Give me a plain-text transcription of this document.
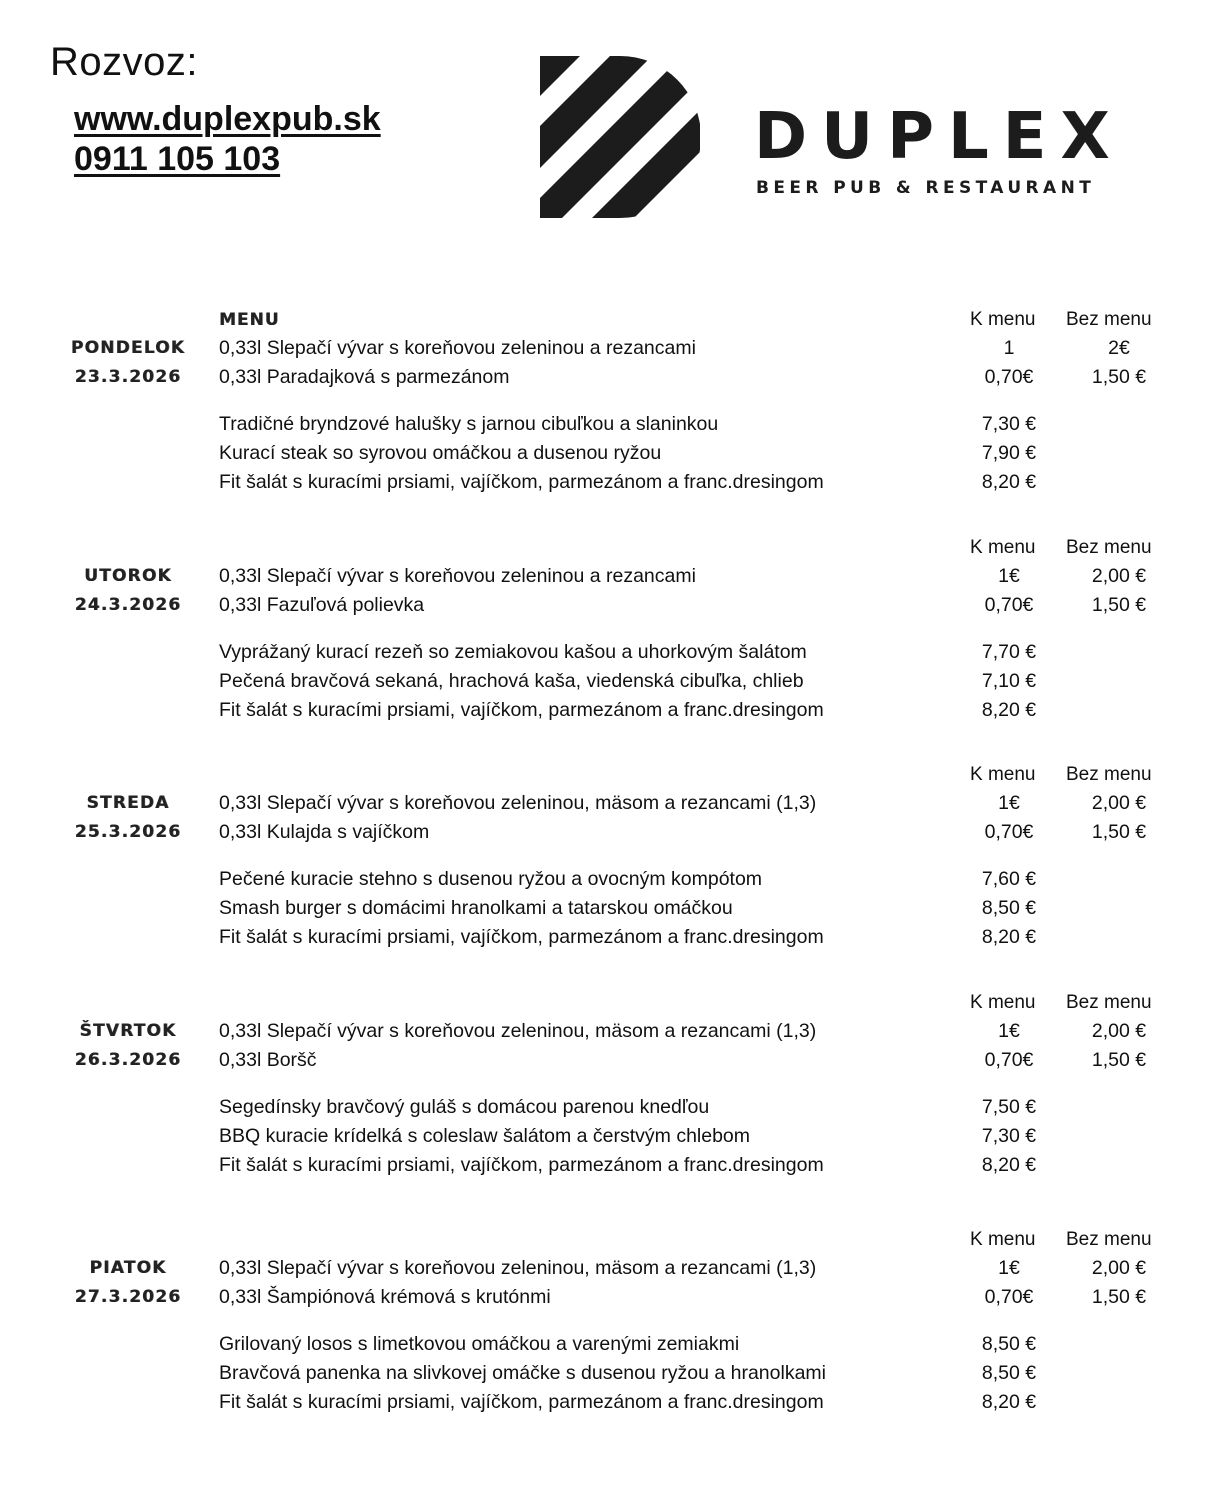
Rozvoz:
www.duplexpub.sk
0911 105 103	DUPLEX
BEER PUB & RESTAURANT
MENU	K menu Bez menu
PONDELOK
23.3.2026
0,33l Slepačí vývar s koreňovou zeleninou a rezancami	1	2€
0,33l Paradajková s parmezánom	0,70€	1,50 €
Tradičné bryndzové halušky s jarnou cibuľkou a slaninkou	7,30 €
Kurací steak so syrovou omáčkou a dusenou ryžou	7,90 €
Fit šalát s kuracími prsiami, vajíčkom, parmezánom a franc.dresingom	8,20 €
K menu Bez menu
UTOROK
24.3.2026
0,33l Slepačí vývar s koreňovou zeleninou a rezancami	1€	2,00 €
0,33l Fazuľová polievka	0,70€	1,50 €
Vyprážaný kurací rezeň so zemiakovou kašou a uhorkovým šalátom	7,70 €
Pečená bravčová sekaná, hrachová kaša, viedenská cibuľka, chlieb	7,10 €
Fit šalát s kuracími prsiami, vajíčkom, parmezánom a franc.dresingom	8,20 €
K menu Bez menu
STREDA
25.3.2026
0,33l Slepačí vývar s koreňovou zeleninou, mäsom a rezancami (1,3)	1€	2,00 €
0,33l Kulajda s vajíčkom	0,70€	1,50 €
Pečené kuracie stehno s dusenou ryžou a ovocným kompótom	7,60 €
Smash burger s domácimi hranolkami a tatarskou omáčkou	8,50 €
Fit šalát s kuracími prsiami, vajíčkom, parmezánom a franc.dresingom	8,20 €
K menu Bez menu
ŠTVRTOK
26.3.2026
0,33l Slepačí vývar s koreňovou zeleninou, mäsom a rezancami (1,3)	1€	2,00 €
0,33l Boršč	0,70€	1,50 €
Segedínsky bravčový guláš s domácou parenou knedľou	7,50 €
BBQ kuracie krídelká s coleslaw šalátom a čerstvým chlebom	7,30 €
Fit šalát s kuracími prsiami, vajíčkom, parmezánom a franc.dresingom	8,20 €
K menu Bez menu
PIATOK
27.3.2026
0,33l Slepačí vývar s koreňovou zeleninou, mäsom a rezancami (1,3)	1€	2,00 €
0,33l Šampiónová krémová s krutónmi	0,70€	1,50 €
Grilovaný losos s limetkovou omáčkou a varenými zemiakmi	8,50 €
Bravčová panenka na slivkovej omáčke s dusenou ryžou a hranolkami	8,50 €
Fit šalát s kuracími prsiami, vajíčkom, parmezánom a franc.dresingom	8,20 €
